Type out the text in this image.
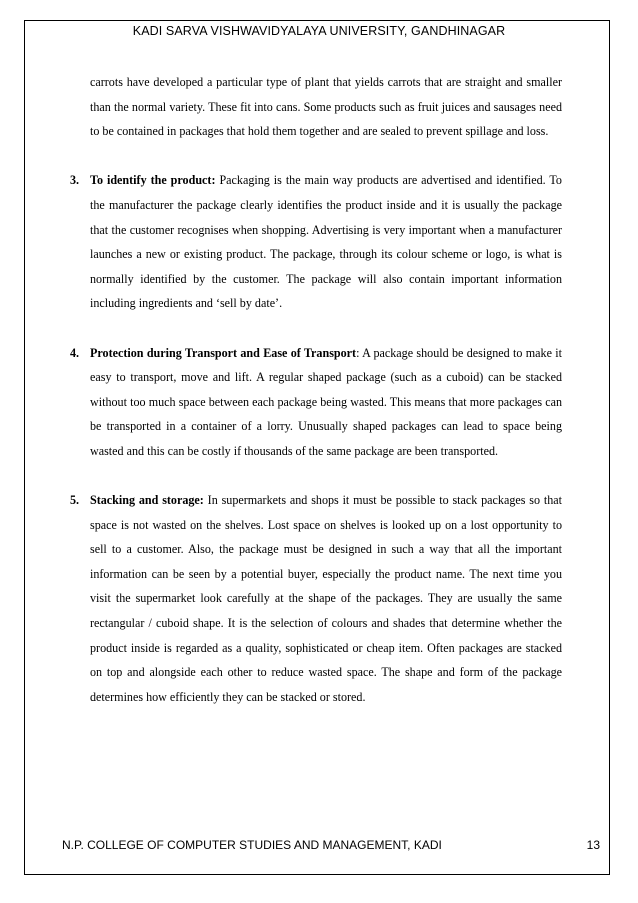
KADI SARVA VISHWAVIDYALAYA UNIVERSITY, GANDHINAGAR

carrots have developed a particular type of plant that yields carrots that are straight and smaller than the normal variety. These fit into cans. Some products such as fruit juices and sausages need to be contained in packages that hold them together and are sealed to prevent spillage and loss.

3. To identify the product: Packaging is the main way products are advertised and identified. To the manufacturer the package clearly identifies the product inside and it is usually the package that the customer recognises when shopping. Advertising is very important when a manufacturer launches a new or existing product. The package, through its colour scheme or logo, is what is normally identified by the customer. The package will also contain important information including ingredients and ‘sell by date’.

4. Protection during Transport and Ease of Transport: A package should be designed to make it easy to transport, move and lift. A regular shaped package (such as a cuboid) can be stacked without too much space between each package being wasted. This means that more packages can be transported in a container of a lorry. Unusually shaped packages can lead to space being wasted and this can be costly if thousands of the same package are been transported.

5. Stacking and storage: In supermarkets and shops it must be possible to stack packages so that space is not wasted on the shelves. Lost space on shelves is looked up on a lost opportunity to sell to a customer. Also, the package must be designed in such a way that all the important information can be seen by a potential buyer, especially the product name. The next time you visit the supermarket look carefully at the shape of the packages. They are usually the same rectangular / cuboid shape. It is the selection of colours and shades that determine whether the product inside is regarded as a quality, sophisticated or cheap item. Often packages are stacked on top and alongside each other to reduce wasted space. The shape and form of the package determines how efficiently they can be stacked or stored.

N.P. COLLEGE OF COMPUTER STUDIES AND MANAGEMENT, KADI	13
